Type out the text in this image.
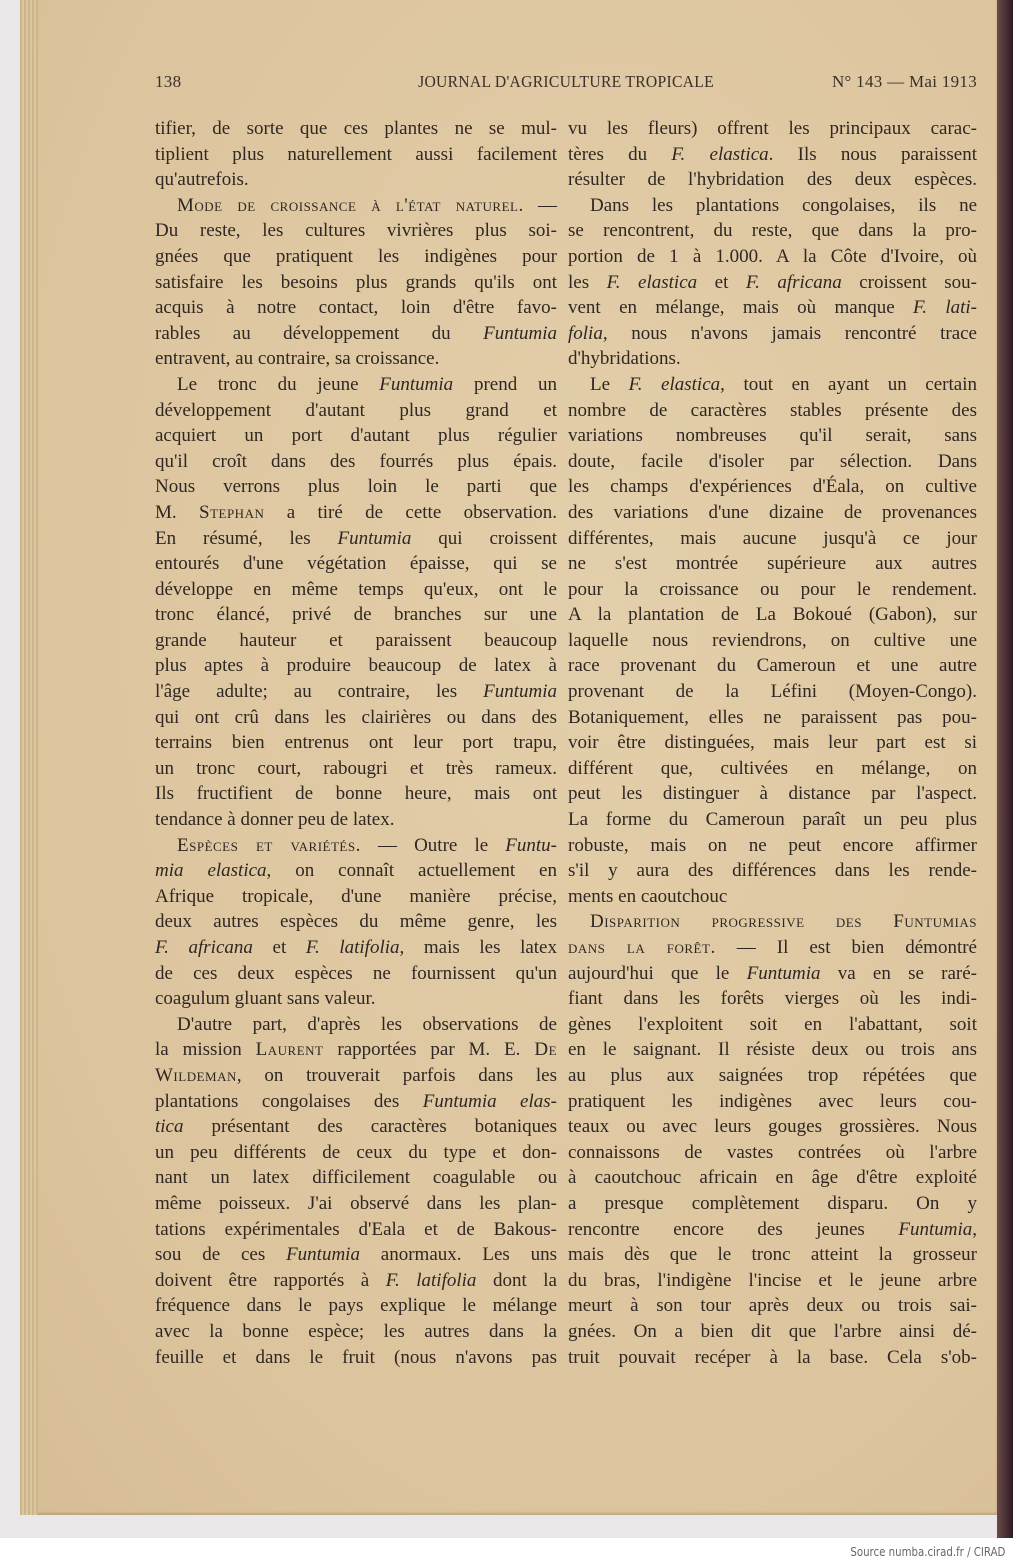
138	JOURNAL D'AGRICULTURE TROPICALE	N° 143 — Mai 1913
tifier, de sorte que ces plantes ne se mul-
tiplient plus naturellement aussi facilement
qu'autrefois.
Mode de croissance à l'état naturel. —
Du reste, les cultures vivrières plus soi-
gnées que pratiquent les indigènes pour
satisfaire les besoins plus grands qu'ils ont
acquis à notre contact, loin d'être favo-
rables au développement du Funtumia
entravent, au contraire, sa croissance.
Le tronc du jeune Funtumia prend un
développement d'autant plus grand et
acquiert un port d'autant plus régulier
qu'il croît dans des fourrés plus épais.
Nous verrons plus loin le parti que
M. Stephan a tiré de cette observation.
En résumé, les Funtumia qui croissent
entourés d'une végétation épaisse, qui se
développe en même temps qu'eux, ont le
tronc élancé, privé de branches sur une
grande hauteur et paraissent beaucoup
plus aptes à produire beaucoup de latex à
l'âge adulte; au contraire, les Funtumia
qui ont crû dans les clairières ou dans des
terrains bien entrenus ont leur port trapu,
un tronc court, rabougri et très rameux.
Ils fructifient de bonne heure, mais ont
tendance à donner peu de latex.
Espèces et variétés. — Outre le Funtu-
mia elastica, on connaît actuellement en
Afrique tropicale, d'une manière précise,
deux autres espèces du même genre, les
F. africana et F. latifolia, mais les latex
de ces deux espèces ne fournissent qu'un
coagulum gluant sans valeur.
D'autre part, d'après les observations de
la mission Laurent rapportées par M. E. De
Wildeman, on trouverait parfois dans les
plantations congolaises des Funtumia elas-
tica présentant des caractères botaniques
un peu différents de ceux du type et don-
nant un latex difficilement coagulable ou
même poisseux. J'ai observé dans les plan-
tations expérimentales d'Eala et de Bakous-
sou de ces Funtumia anormaux. Les uns
doivent être rapportés à F. latifolia dont la
fréquence dans le pays explique le mélange
avec la bonne espèce; les autres dans la
feuille et dans le fruit (nous n'avons pas
vu les fleurs) offrent les principaux carac-
tères du F. elastica. Ils nous paraissent
résulter de l'hybridation des deux espèces.
Dans les plantations congolaises, ils ne
se rencontrent, du reste, que dans la pro-
portion de 1 à 1.000. A la Côte d'Ivoire, où
les F. elastica et F. africana croissent sou-
vent en mélange, mais où manque F. lati-
folia, nous n'avons jamais rencontré trace
d'hybridations.
Le F. elastica, tout en ayant un certain
nombre de caractères stables présente des
variations nombreuses qu'il serait, sans
doute, facile d'isoler par sélection. Dans
les champs d'expériences d'Éala, on cultive
des variations d'une dizaine de provenances
différentes, mais aucune jusqu'à ce jour
ne s'est montrée supérieure aux autres
pour la croissance ou pour le rendement.
A la plantation de La Bokoué (Gabon), sur
laquelle nous reviendrons, on cultive une
race provenant du Cameroun et une autre
provenant de la Léfini (Moyen-Congo).
Botaniquement, elles ne paraissent pas pou-
voir être distinguées, mais leur part est si
différent que, cultivées en mélange, on
peut les distinguer à distance par l'aspect.
La forme du Cameroun paraît un peu plus
robuste, mais on ne peut encore affirmer
s'il y aura des différences dans les rende-
ments en caoutchouc
Disparition progressive des Funtumias
dans la forêt. — Il est bien démontré
aujourd'hui que le Funtumia va en se raré-
fiant dans les forêts vierges où les indi-
gènes l'exploitent soit en l'abattant, soit
en le saignant. Il résiste deux ou trois ans
au plus aux saignées trop répétées que
pratiquent les indigènes avec leurs cou-
teaux ou avec leurs gouges grossières. Nous
connaissons de vastes contrées où l'arbre
à caoutchouc africain en âge d'être exploité
a presque complètement disparu. On y
rencontre encore des jeunes Funtumia,
mais dès que le tronc atteint la grosseur
du bras, l'indigène l'incise et le jeune arbre
meurt à son tour après deux ou trois sai-
gnées. On a bien dit que l'arbre ainsi dé-
truit pouvait recéper à la base. Cela s'ob-
Source numba.cirad.fr / CIRAD
